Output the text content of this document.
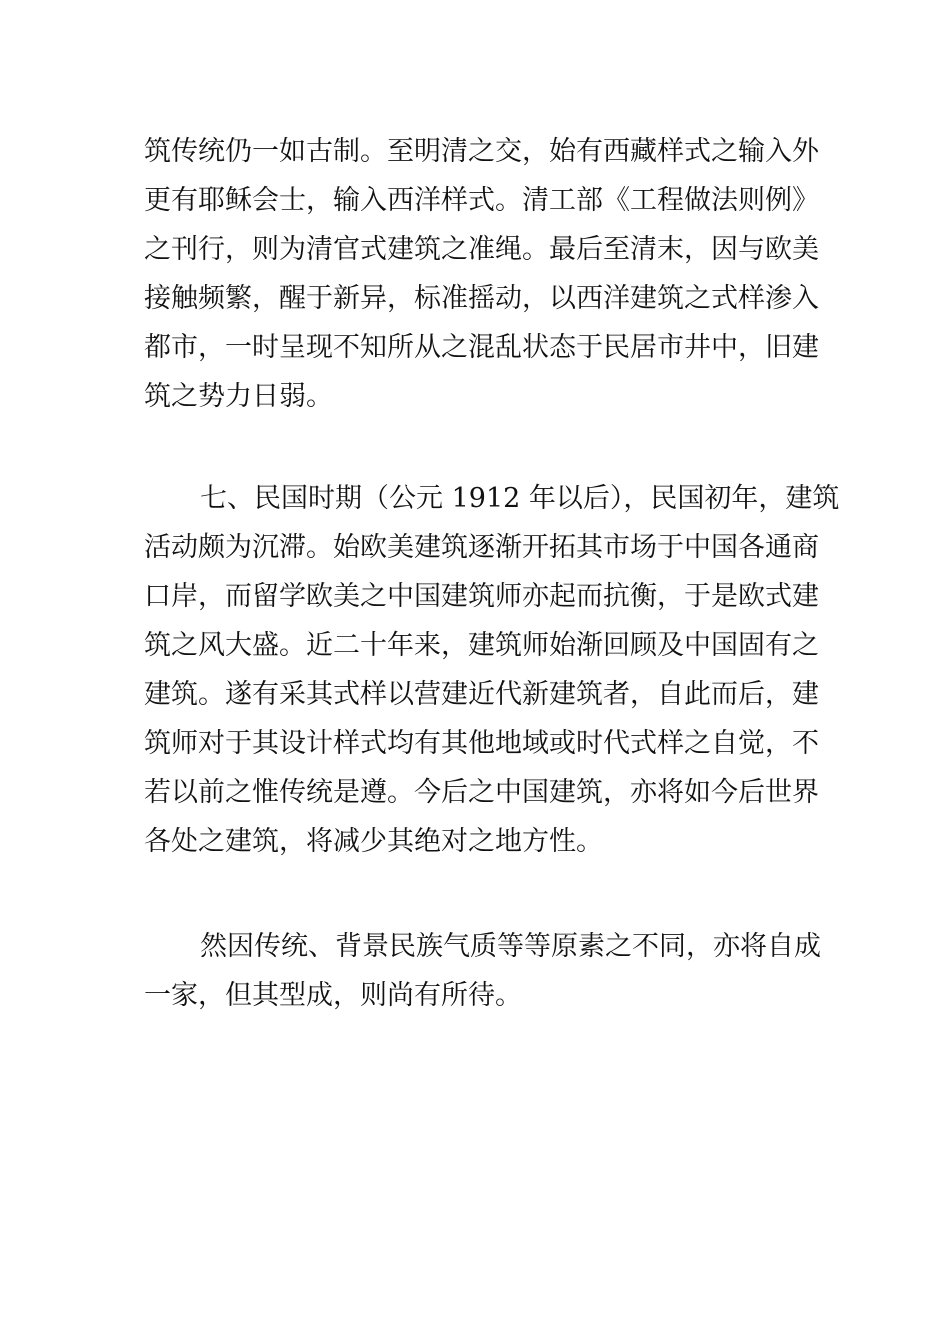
筑传统仍一如古制。至明清之交，始有西藏样式之输入外
更有耶稣会士，输入西洋样式。清工部《工程做法则例》
之刊行，则为清官式建筑之准绳。最后至清末，因与欧美
接触频繁，醒于新异，标准摇动，以西洋建筑之式样渗入
都市，一时呈现不知所从之混乱状态于民居市井中，旧建
筑之势力日弱。
七、民国时期（公元 1912 年以后），民国初年，建筑
活动颇为沉滞。始欧美建筑逐渐开拓其市场于中国各通商
口岸，而留学欧美之中国建筑师亦起而抗衡，于是欧式建
筑之风大盛。近二十年来，建筑师始渐回顾及中国固有之
建筑。遂有采其式样以营建近代新建筑者，自此而后，建
筑师对于其设计样式均有其他地域或时代式样之自觉，不
若以前之惟传统是遵。今后之中国建筑，亦将如今后世界
各处之建筑，将减少其绝对之地方性。
然因传统、背景民族气质等等原素之不同，亦将自成
一家，但其型成，则尚有所待。
